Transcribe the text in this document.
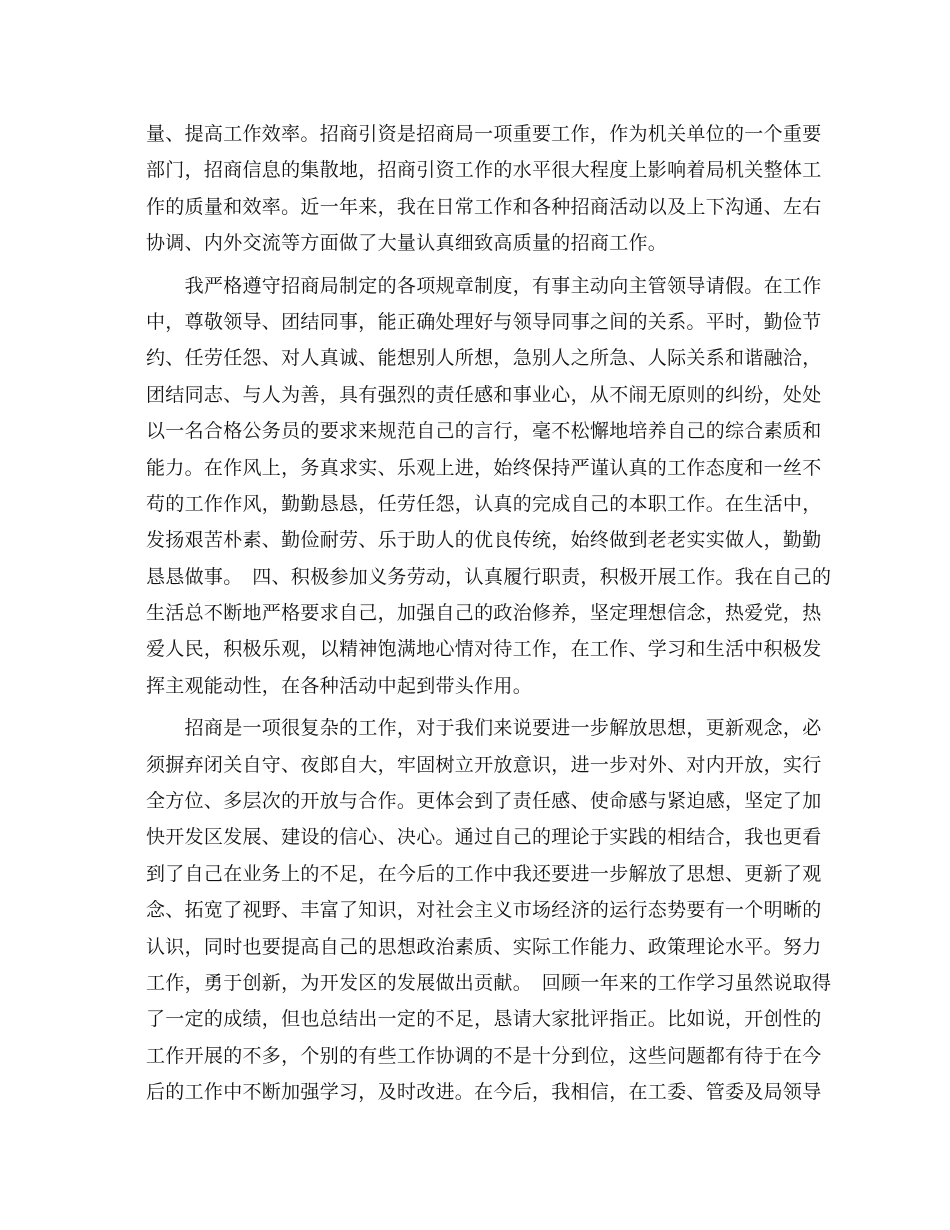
量、提高工作效率。招商引资是招商局一项重要工作，作为机关单位的一个重要
部门，招商信息的集散地，招商引资工作的水平很大程度上影响着局机关整体工
作的质量和效率。近一年来，我在日常工作和各种招商活动以及上下沟通、左右
协调、内外交流等方面做了大量认真细致高质量的招商工作。
　　我严格遵守招商局制定的各项规章制度，有事主动向主管领导请假。在工作
中，尊敬领导、团结同事，能正确处理好与领导同事之间的关系。平时，勤俭节
约、任劳任怨、对人真诚、能想别人所想，急别人之所急、人际关系和谐融洽，
团结同志、与人为善，具有强烈的责任感和事业心，从不闹无原则的纠纷，处处
以一名合格公务员的要求来规范自己的言行，毫不松懈地培养自己的综合素质和
能力。在作风上，务真求实、乐观上进，始终保持严谨认真的工作态度和一丝不
苟的工作作风，勤勤恳恳，任劳任怨，认真的完成自己的本职工作。在生活中，
发扬艰苦朴素、勤俭耐劳、乐于助人的优良传统，始终做到老老实实做人，勤勤
恳恳做事。　四、积极参加义务劳动，认真履行职责，积极开展工作。我在自己的
生活总不断地严格要求自己，加强自己的政治修养，坚定理想信念，热爱党，热
爱人民，积极乐观，以精神饱满地心情对待工作，在工作、学习和生活中积极发
挥主观能动性，在各种活动中起到带头作用。
　　招商是一项很复杂的工作，对于我们来说要进一步解放思想，更新观念，必
须摒弃闭关自守、夜郎自大，牢固树立开放意识，进一步对外、对内开放，实行
全方位、多层次的开放与合作。更体会到了责任感、使命感与紧迫感，坚定了加
快开发区发展、建设的信心、决心。通过自己的理论于实践的相结合，我也更看
到了自己在业务上的不足，在今后的工作中我还要进一步解放了思想、更新了观
念、拓宽了视野、丰富了知识，对社会主义市场经济的运行态势要有一个明晰的
认识，同时也要提高自己的思想政治素质、实际工作能力、政策理论水平。努力
工作，勇于创新，为开发区的发展做出贡献。　回顾一年来的工作学习虽然说取得
了一定的成绩，但也总结出一定的不足，恳请大家批评指正。比如说，开创性的
工作开展的不多，个别的有些工作协调的不是十分到位，这些问题都有待于在今
后的工作中不断加强学习，及时改进。在今后，我相信，在工委、管委及局领导
